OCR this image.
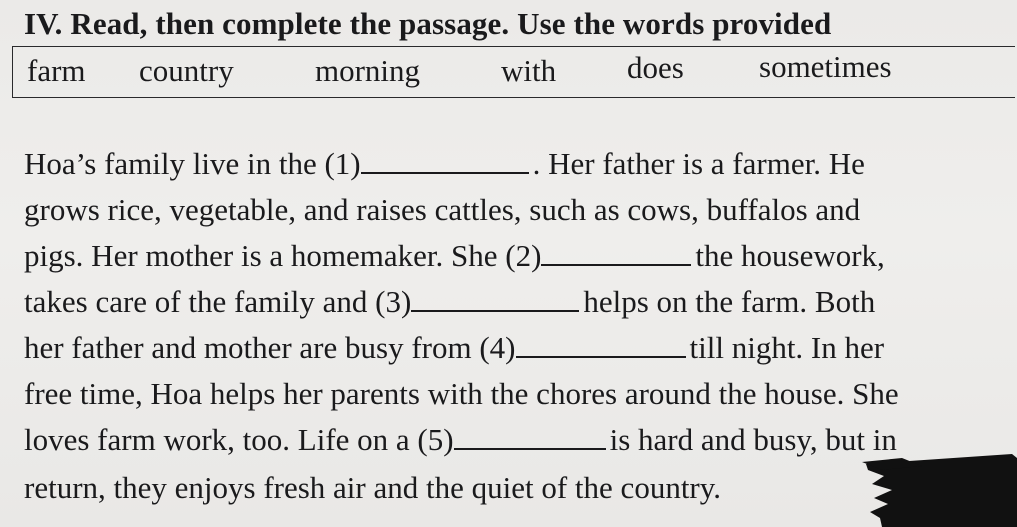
IV. Read, then complete the passage. Use the words provided
farm country	morning	with does sometimes
Hoa’s family live in the (1)	. Her father is a farmer. He
grows rice, vegetable, and raises cattles, such as cows, buffalos and
pigs. Her mother is a homemaker. She (2)	the housework,
takes care of the family and (3)	helps on the farm. Both
her father and mother are busy from (4)	till night. In her
free time, Hoa helps her parents with the chores around the house. She
loves farm work, too. Life on a (5)	is hard and busy, but in
return, they enjoys fresh air and the quiet of the country.
